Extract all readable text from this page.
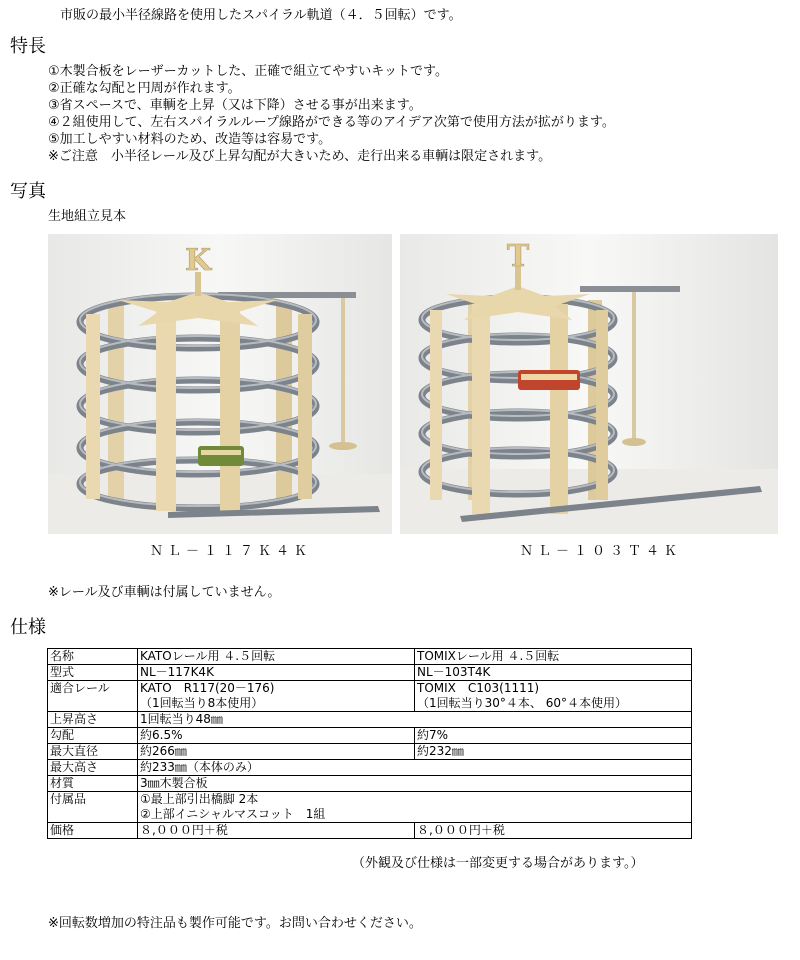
市販の最小半径線路を使用したスパイラル軌道（４．５回転）です。
特長
①木製合板をレーザーカットした、正確で組立てやすいキットです。
②正確な勾配と円周が作れます。
③省スペースで、車輌を上昇（又は下降）させる事が出来ます。
④２組使用して、左右スパイラルループ線路ができる等のアイデア次第で使用方法が拡がります。
⑤加工しやすい材料のため、改造等は容易です。
※ご注意　小半径レール及び上昇勾配が大きいため、走行出来る車輌は限定されます。
写真
生地組立見本
K	T
ＮＬ－１１７Ｋ４Ｋ	ＮＬ－１０３Ｔ４Ｋ
※レール及び車輌は付属していません。
仕様
名称	KATOレール用 ４.５回転	TOMIXレール用 ４.５回転
型式	NL－117K4K	NL－103T4K
適合レール	KATO　R117(20－176)	TOMIX　C103(1111)
	（1回転当り8本使用）	（1回転当り30°４本、 60°４本使用）
上昇高さ	1回転当り48㎜	
勾配	約6.5%	約7%
最大直径	約266㎜	約232㎜
最大高さ	約233㎜（本体のみ）	
材質	3㎜木製合板	
付属品	①最上部引出橋脚 2本	
	②上部イニシャルマスコット　1組	
価格	８,０００円＋税	８,０００円＋税
（外観及び仕様は一部変更する場合があります。）
※回転数増加の特注品も製作可能です。お問い合わせください。
